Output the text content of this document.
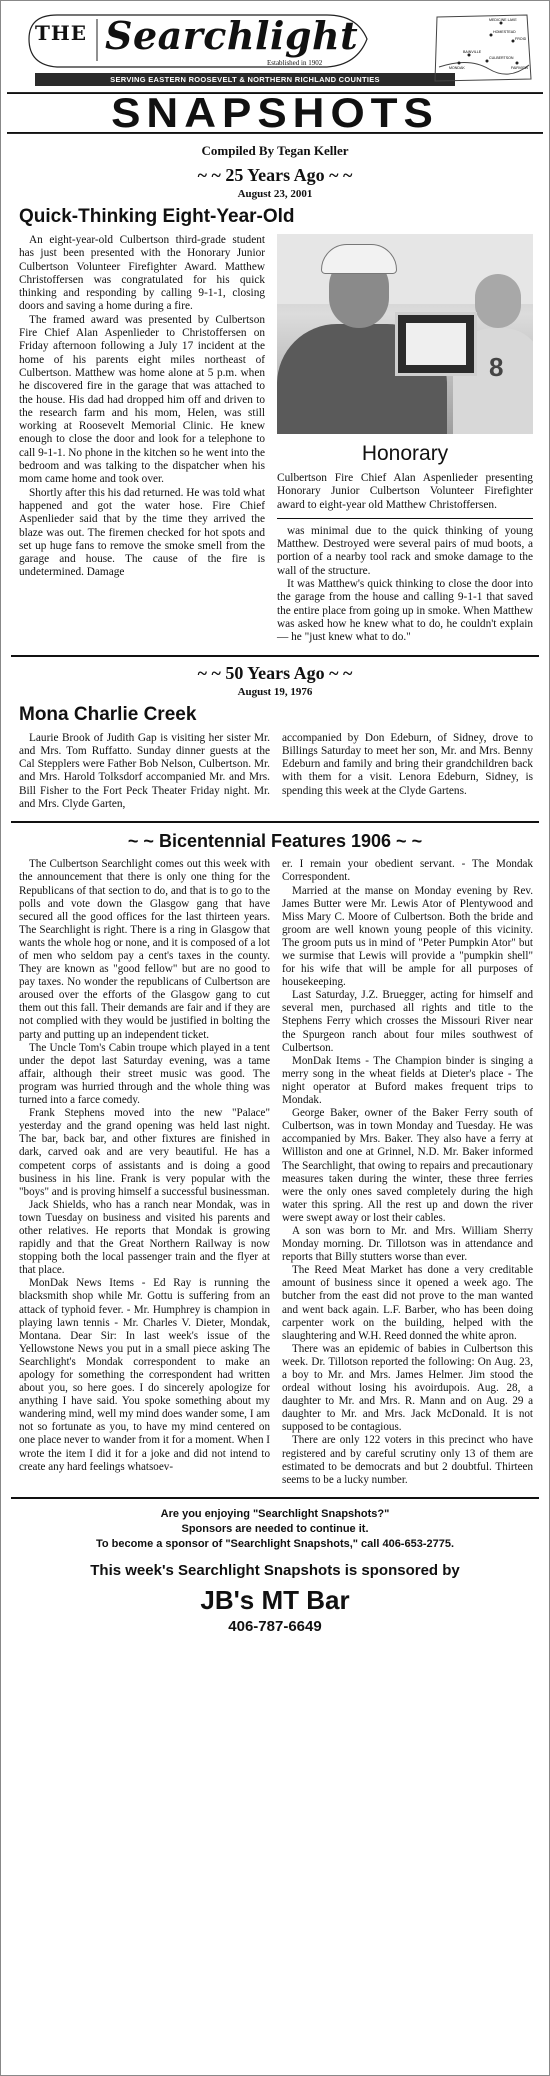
THE Searchlight
Established in 1902
SERVING EASTERN ROOSEVELT & NORTHERN RICHLAND COUNTIES
MEDICINE LAKE
HOMESTEAD
FROID
BAINVILLE
CULBERTSON
MONDAK	FAIRVIEW
SNAPSHOTS
Compiled By Tegan Keller
~ ~ 25 Years Ago ~ ~
August 23, 2001
Quick-Thinking Eight-Year-Old

An eight-year-old Culbertson third-grade student has just been presented with the Honorary Junior Culbertson Volunteer Firefighter Award. Matthew Christoffersen was congratulated for his quick thinking and responding by calling 9-1-1, closing doors and saving a home during a fire.

The framed award was presented by Culbertson Fire Chief Alan Aspenlieder to Christoffersen on Friday afternoon following a July 17 incident at the home of his parents eight miles northeast of Culbertson. Matthew was home alone at 5 p.m. when he discovered fire in the garage that was attached to the house. His dad had dropped him off and driven to the research farm and his mom, Helen, was still working at Roosevelt Memorial Clinic. He knew enough to close the door and look for a telephone to call 9-1-1. No phone in the kitchen so he went into the bedroom and was talking to the dispatcher when his mom came home and took over.

Shortly after this his dad returned. He was told what happened and got the water hose. Fire Chief Aspenlieder said that by the time they arrived the blaze was out. The firemen checked for hot spots and set up huge fans to remove the smoke smell from the garage and house. The cause of the fire is undetermined. Damage

8
Honorary
Culbertson Fire Chief Alan Aspenlieder presenting Honorary Junior Culbertson Volunteer Firefighter award to eight-year old Matthew Christoffersen.

was minimal due to the quick thinking of young Matthew. Destroyed were several pairs of mud boots, a portion of a nearby tool rack and smoke damage to the wall of the structure.

It was Matthew's quick thinking to close the door into the garage from the house and calling 9-1-1 that saved the entire place from going up in smoke. When Matthew was asked how he knew what to do, he couldn't explain — he "just knew what to do."

~ ~ 50 Years Ago ~ ~
August 19, 1976
Mona Charlie Creek

Laurie Brook of Judith Gap is visiting her sister Mr. and Mrs. Tom Ruffatto. Sunday dinner guests at the Cal Stepplers were Father Bob Nelson, Culbertson. Mr. and Mrs. Harold Tolksdorf accompanied Mr. and Mrs. Bill Fisher to the Fort Peck Theater Friday night. Mr. and Mrs. Clyde Garten,

accompanied by Don Edeburn, of Sidney, drove to Billings Saturday to meet her son, Mr. and Mrs. Benny Edeburn and family and bring their grandchildren back with them for a visit. Lenora Edeburn, Sidney, is spending this week at the Clyde Gartens.
~ ~ Bicentennial Features 1906 ~ ~

The Culbertson Searchlight comes out this week with the announcement that there is only one thing for the Republicans of that section to do, and that is to go to the polls and vote down the Glasgow gang that have secured all the good offices for the last thirteen years. The Searchlight is right. There is a ring in Glasgow that wants the whole hog or none, and it is composed of a lot of men who seldom pay a cent's taxes in the county. They are known as "good fellow" but are no good to pay taxes. No wonder the republicans of Culbertson are aroused over the efforts of the Glasgow gang to cut them out this fall. Their demands are fair and if they are not complied with they would be justified in bolting the party and putting up an independent ticket.

The Uncle Tom's Cabin troupe which played in a tent under the depot last Saturday evening, was a tame affair, although their street music was good. The program was hurried through and the whole thing was turned into a farce comedy.

Frank Stephens moved into the new "Palace" yesterday and the grand opening was held last night. The bar, back bar, and other fixtures are finished in dark, carved oak and are very beautiful. He has a competent corps of assistants and is doing a good business in his line. Frank is very popular with the "boys" and is proving himself a successful businessman.

Jack Shields, who has a ranch near Mondak, was in town Tuesday on business and visited his parents and other relatives. He reports that Mondak is growing rapidly and that the Great Northern Railway is now stopping both the local passenger train and the flyer at that place.

MonDak News Items - Ed Ray is running the blacksmith shop while Mr. Gottu is suffering from an attack of typhoid fever. - Mr. Humphrey is champion in playing lawn tennis - Mr. Charles V. Dieter, Mondak, Montana. Dear Sir: In last week's issue of the Yellowstone News you put in a small piece asking The Searchlight's Mondak correspondent to make an apology for something the correspondent had written about you, so here goes. I do sincerely apologize for anything I have said. You spoke something about my wandering mind, well my mind does wander some, I am not so fortunate as you, to have my mind centered on one place never to wander from it for a moment. When I wrote the item I did it for a joke and did not intend to create any hard feelings whatsoev-

er. I remain your obedient servant. - The Mondak Correspondent.

Married at the manse on Monday evening by Rev. James Butter were Mr. Lewis Ator of Plentywood and Miss Mary C. Moore of Culbertson. Both the bride and groom are well known young people of this vicinity. The groom puts us in mind of "Peter Pumpkin Ator" but we surmise that Lewis will provide a "pumpkin shell" for his wife that will be ample for all purposes of housekeeping.

Last Saturday, J.Z. Bruegger, acting for himself and several men, purchased all rights and title to the Stephens Ferry which crosses the Missouri River near the Spurgeon ranch about four miles southwest of Culbertson.

MonDak Items - The Champion binder is singing a merry song in the wheat fields at Dieter's place - The night operator at Buford makes frequent trips to Mondak.

George Baker, owner of the Baker Ferry south of Culbertson, was in town Monday and Tuesday. He was accompanied by Mrs. Baker. They also have a ferry at Williston and one at Grinnel, N.D. Mr. Baker informed The Searchlight, that owing to repairs and precautionary measures taken during the winter, these three ferries were the only ones saved completely during the high water this spring. All the rest up and down the river were swept away or lost their cables.

A son was born to Mr. and Mrs. William Sherry Monday morning. Dr. Tillotson was in attendance and reports that Billy stutters worse than ever.

The Reed Meat Market has done a very creditable amount of business since it opened a week ago. The butcher from the east did not prove to the man wanted and went back again. L.F. Barber, who has been doing carpenter work on the building, helped with the slaughtering and W.H. Reed donned the white apron.

There was an epidemic of babies in Culbertson this week. Dr. Tillotson reported the following: On Aug. 23, a boy to Mr. and Mrs. James Helmer. Jim stood the ordeal without losing his avoirdupois. Aug. 28, a daughter to Mr. and Mrs. R. Mann and on Aug. 29 a daughter to Mr. and Mrs. Jack McDonald. It is not supposed to be contagious.

There are only 122 voters in this precinct who have registered and by careful scrutiny only 13 of them are estimated to be democrats and but 2 doubtful. Thirteen seems to be a lucky number.

Are you enjoying "Searchlight Snapshots?"
Sponsors are needed to continue it.
To become a sponsor of "Searchlight Snapshots," call 406-653-2775.
This week's Searchlight Snapshots is sponsored by
JB's MT Bar
406-787-6649
